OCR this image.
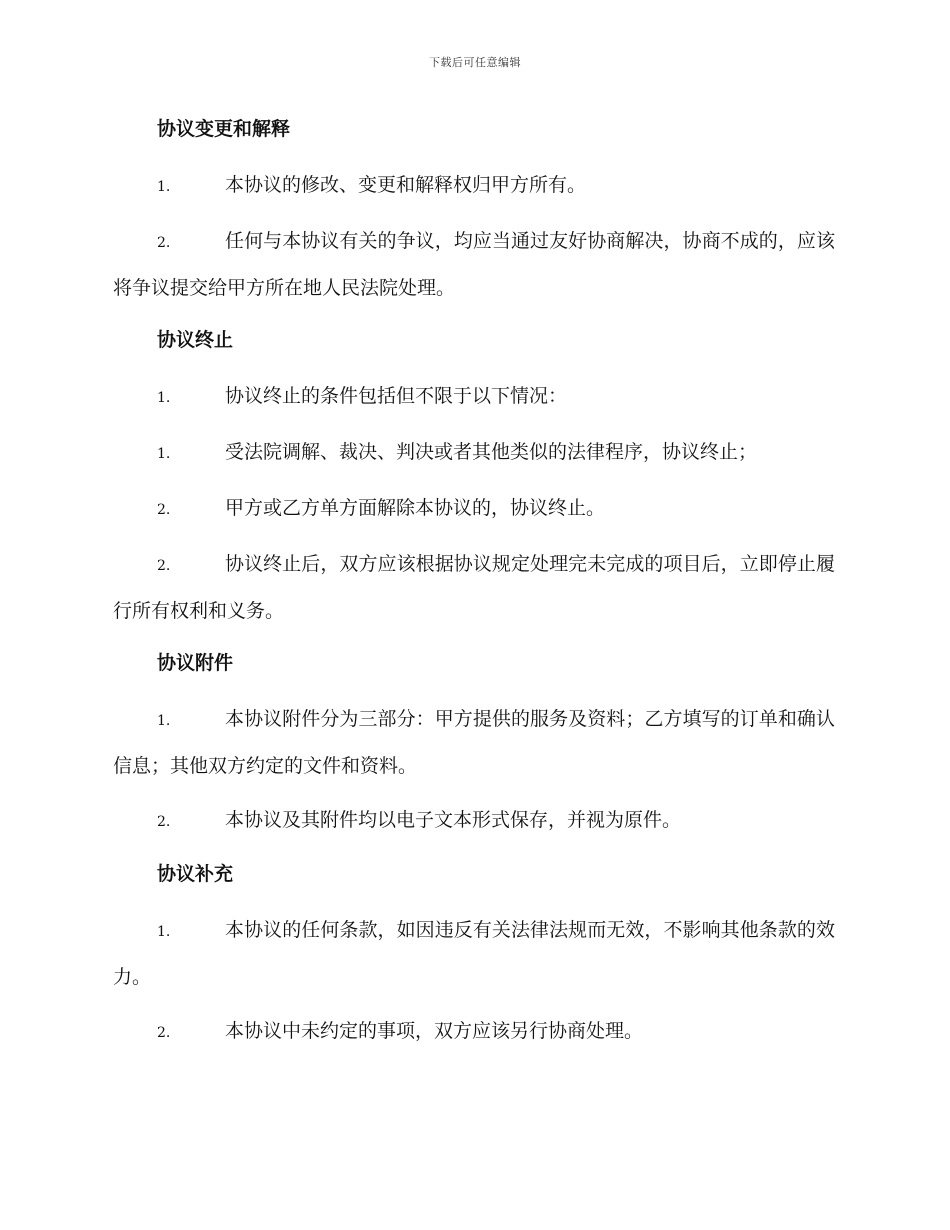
下载后可任意编辑
协议变更和解释

1.	本协议的修改、变更和解释权归甲方所有。

2.	任何与本协议有关的争议，均应当通过友好协商解决，协商不成的，应该将争议提交给甲方所在地人民法院处理。

协议终止

1.	协议终止的条件包括但不限于以下情况：

1.	受法院调解、裁决、判决或者其他类似的法律程序，协议终止；

2.	甲方或乙方单方面解除本协议的，协议终止。

2.	协议终止后，双方应该根据协议规定处理完未完成的项目后，立即停止履行所有权利和义务。

协议附件

1.	本协议附件分为三部分：甲方提供的服务及资料；乙方填写的订单和确认信息；其他双方约定的文件和资料。

2.	本协议及其附件均以电子文本形式保存，并视为原件。

协议补充

1.	本协议的任何条款，如因违反有关法律法规而无效，不影响其他条款的效力。

2.	本协议中未约定的事项，双方应该另行协商处理。
